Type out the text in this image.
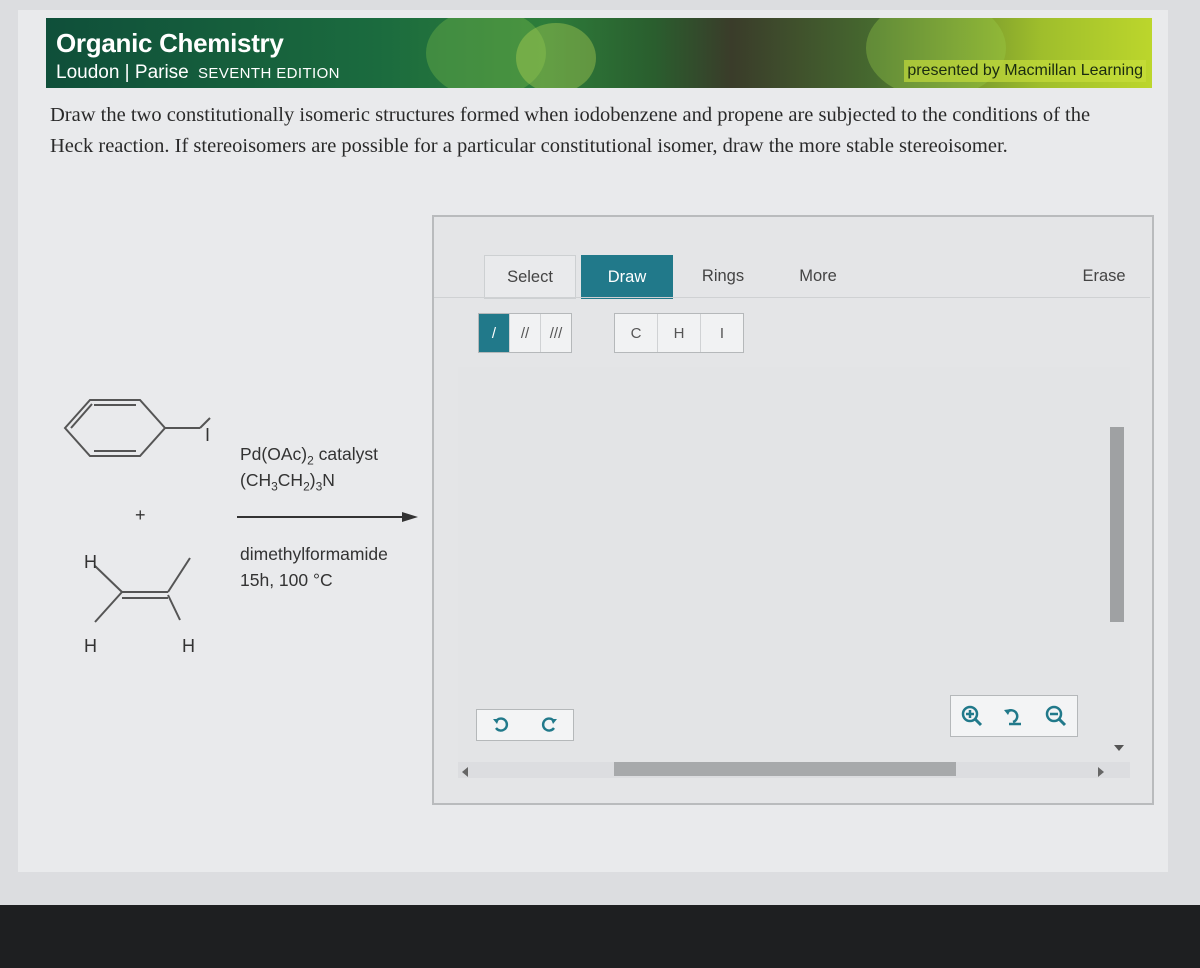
Organic Chemistry
Loudon | Parise SEVENTH EDITION	presented by Macmillan Learning
Draw the two constitutionally isomeric structures formed when iodobenzene and propene are subjected to the conditions of the
Heck reaction. If stereoisomers are possible for a particular constitutional isomer, draw the more stable stereoisomer.
I
+
H
H	H
$Pd(OAc)_2$ catalyst
$(CH_3CH_2)_3N$
dimethylformamide
15h, 100 °C
Select	Draw	Rings	More	Erase
/	//	///	C	H	I
